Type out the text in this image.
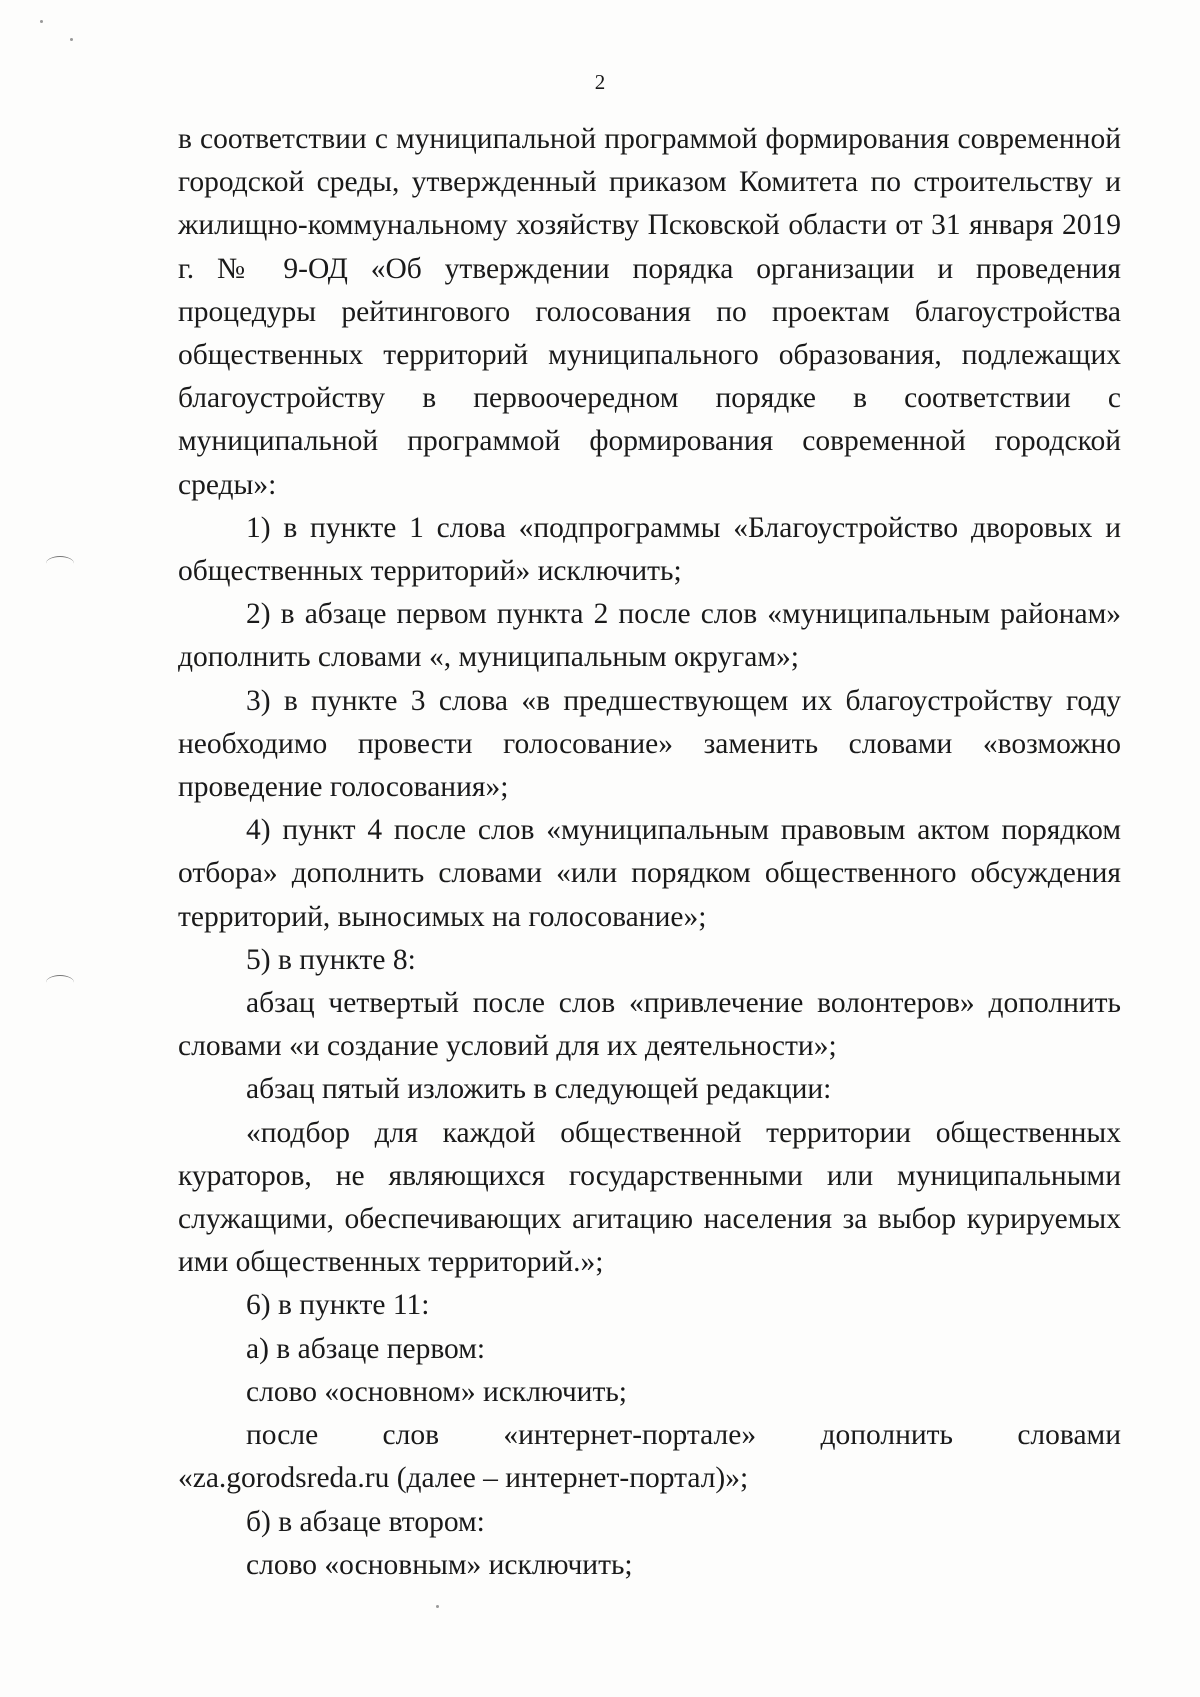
2

в соответствии с муниципальной программой формирования современной городской среды, утвержденный приказом Комитета по строительству и жилищно-коммунальному хозяйству Псковской области от 31 января 2019 г. № 9-ОД «Об утверждении порядка организации и проведения процедуры рейтингового голосования по проектам благоустройства общественных территорий муниципального образования, подлежащих благоустройству в первоочередном порядке в соответствии с муниципальной программой формирования современной городской среды»:

1) в пункте 1 слова «подпрограммы «Благоустройство дворовых и общественных территорий» исключить;

2) в абзаце первом пункта 2 после слов «муниципальным районам» дополнить словами «, муниципальным округам»;

3) в пункте 3 слова «в предшествующем их благоустройству году необходимо провести голосование» заменить словами «возможно проведение голосования»;

4) пункт 4 после слов «муниципальным правовым актом порядком отбора» дополнить словами «или порядком общественного обсуждения территорий, выносимых на голосование»;

5) в пункте 8:

абзац четвертый после слов «привлечение волонтеров» дополнить словами «и создание условий для их деятельности»;

абзац пятый изложить в следующей редакции:

«подбор для каждой общественной территории общественных кураторов, не являющихся государственными или муниципальными служащими, обеспечивающих агитацию населения за выбор курируемых ими общественных территорий.»;

6) в пункте 11:

а) в абзаце первом:

слово «основном» исключить;

после слов «интернет-портале» дополнить словами

«za.gorodsreda.ru (далее – интернет-портал)»;

б) в абзаце втором:

слово «основным» исключить;
